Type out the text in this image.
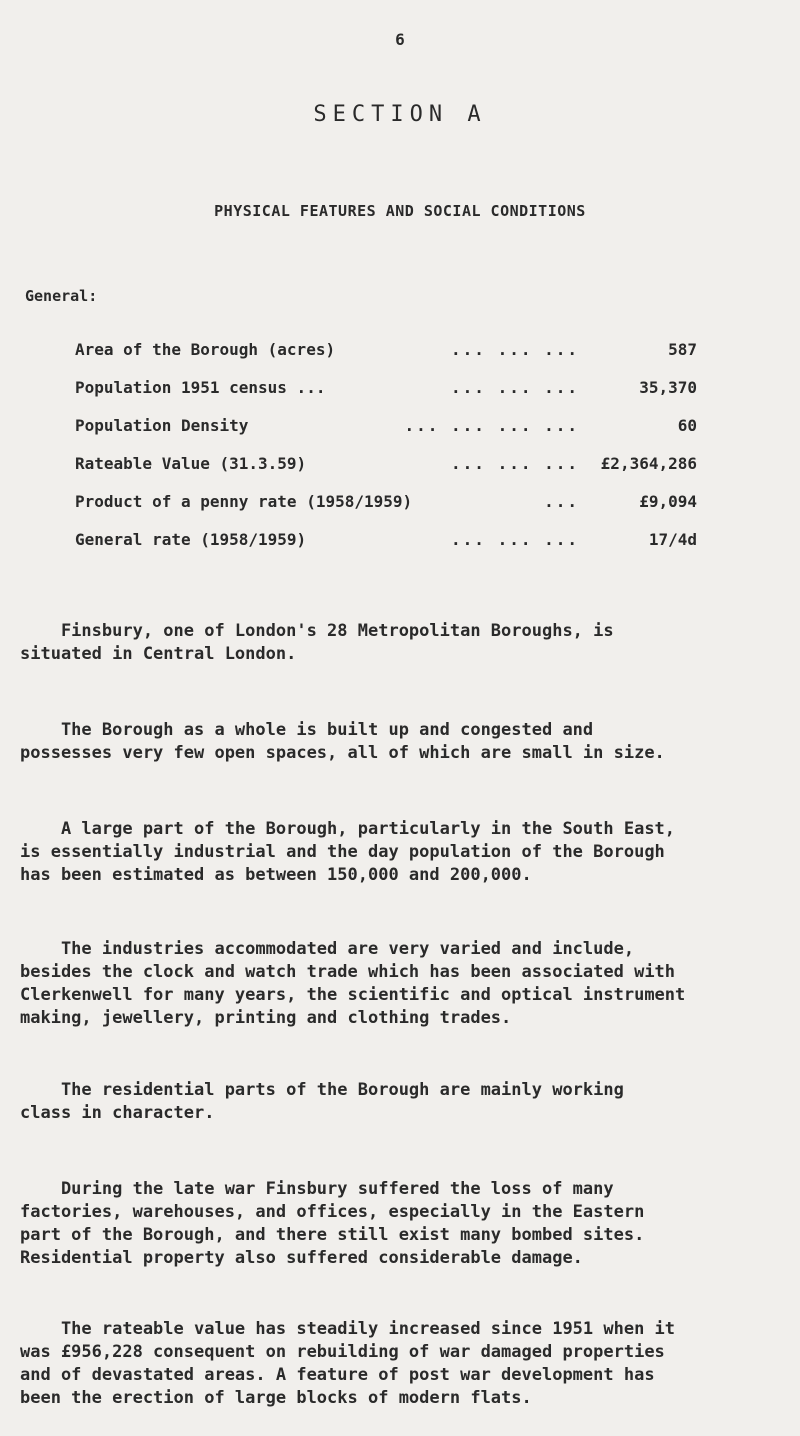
6
SECTION A
PHYSICAL FEATURES AND SOCIAL CONDITIONS
General:
Area of the Borough (acres)	... ... ...	587
Population 1951 census ...	... ... ...	35,370
Population Density	... ... ... ...	60
Rateable Value (31.3.59)	... ... ... £2,364,286
Product of a penny rate (1958/1959)	...	£9,094
General rate (1958/1959)	... ... ...	17/4d
Finsbury, one of London's 28 Metropolitan Boroughs, is
situated in Central London.
The Borough as a whole is built up and congested and
possesses very few open spaces, all of which are small in size.
A large part of the Borough, particularly in the South East,
is essentially industrial and the day population of the Borough
has been estimated as between 150,000 and 200,000.
The industries accommodated are very varied and include,
besides the clock and watch trade which has been associated with
Clerkenwell for many years, the scientific and optical instrument
making, jewellery, printing and clothing trades.
The residential parts of the Borough are mainly working
class in character.
During the late war Finsbury suffered the loss of many
factories, warehouses, and offices, especially in the Eastern
part of the Borough, and there still exist many bombed sites.
Residential property also suffered considerable damage.
The rateable value has steadily increased since 1951 when it
was £956,228 consequent on rebuilding of war damaged properties
and of devastated areas. A feature of post war development has
been the erection of large blocks of modern flats.
